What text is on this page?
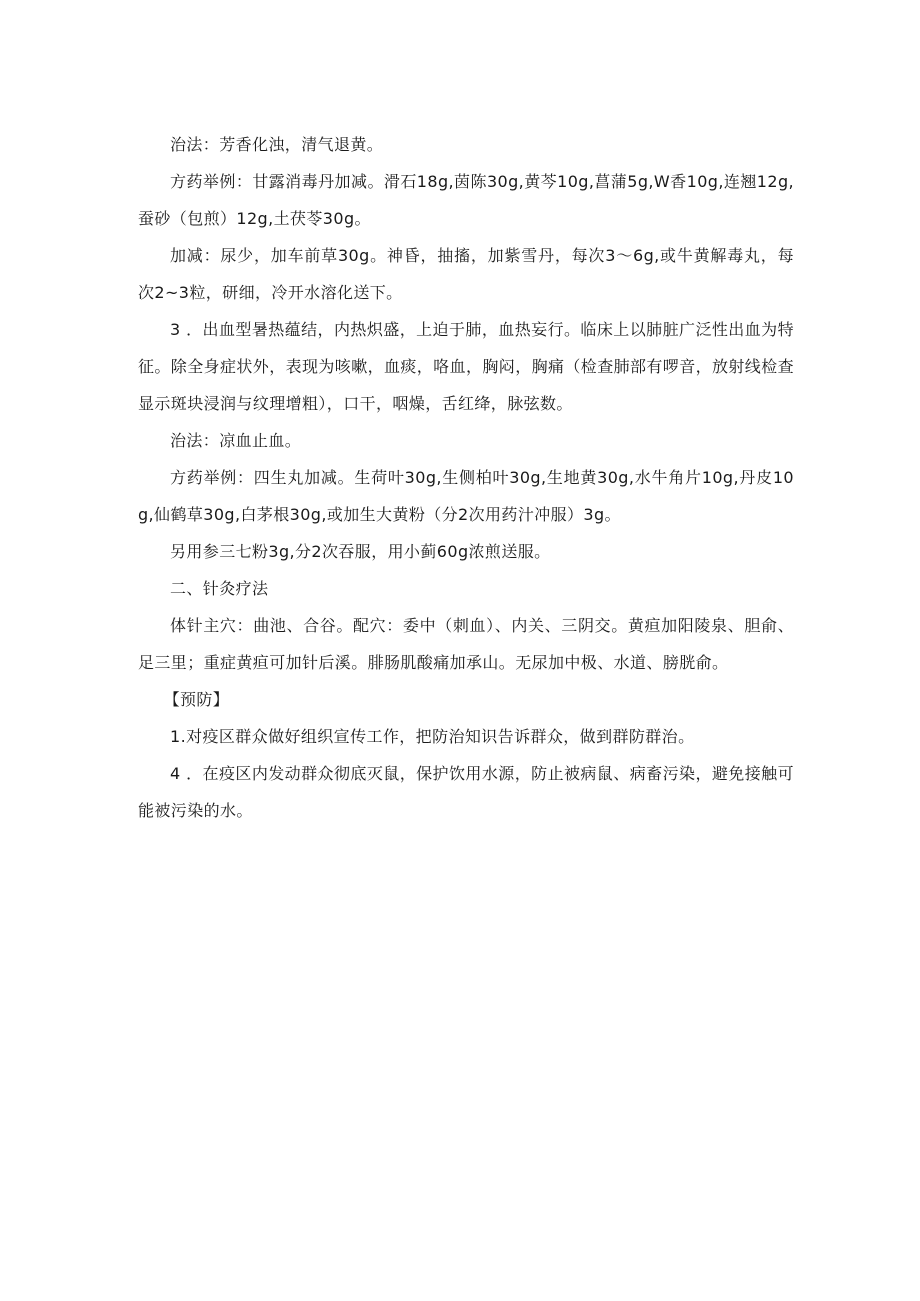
治法：芳香化浊，清气退黄。

方药举例：甘露消毒丹加减。滑石18g,茵陈30g,黄芩10g,菖蒲5g,W香10g,连翘12g,蚕砂（包煎）12g,土茯苓30g。

加减：尿少，加车前草30g。神昏，抽搐，加紫雪丹，每次3～6g,或牛黄解毒丸，每次2~3粒，研细，冷开水溶化送下。

3 ．出血型暑热蕴结，内热炽盛，上迫于肺，血热妄行。临床上以肺脏广泛性出血为特征。除全身症状外，表现为咳嗽，血痰，咯血，胸闷，胸痛（检查肺部有啰音，放射线检查显示斑块浸润与纹理增粗），口干，咽燥，舌红绛，脉弦数。

治法：凉血止血。

方药举例：四生丸加减。生荷叶30g,生侧柏叶30g,生地黄30g,水牛角片10g,丹皮10g,仙鹤草30g,白茅根30g,或加生大黄粉（分2次用药汁冲服）3g。

另用参三七粉3g,分2次吞服，用小蓟60g浓煎送服。

二、针灸疗法

体针主穴：曲池、合谷。配穴：委中（刺血）、内关、三阴交。黄疸加阳陵泉、胆俞、足三里；重症黄疸可加针后溪。腓肠肌酸痛加承山。无尿加中极、水道、膀胱俞。

【预防】

1.对疫区群众做好组织宣传工作，把防治知识告诉群众，做到群防群治。

4 ．在疫区内发动群众彻底灭鼠，保护饮用水源，防止被病鼠、病畜污染，避免接触可能被污染的水。
